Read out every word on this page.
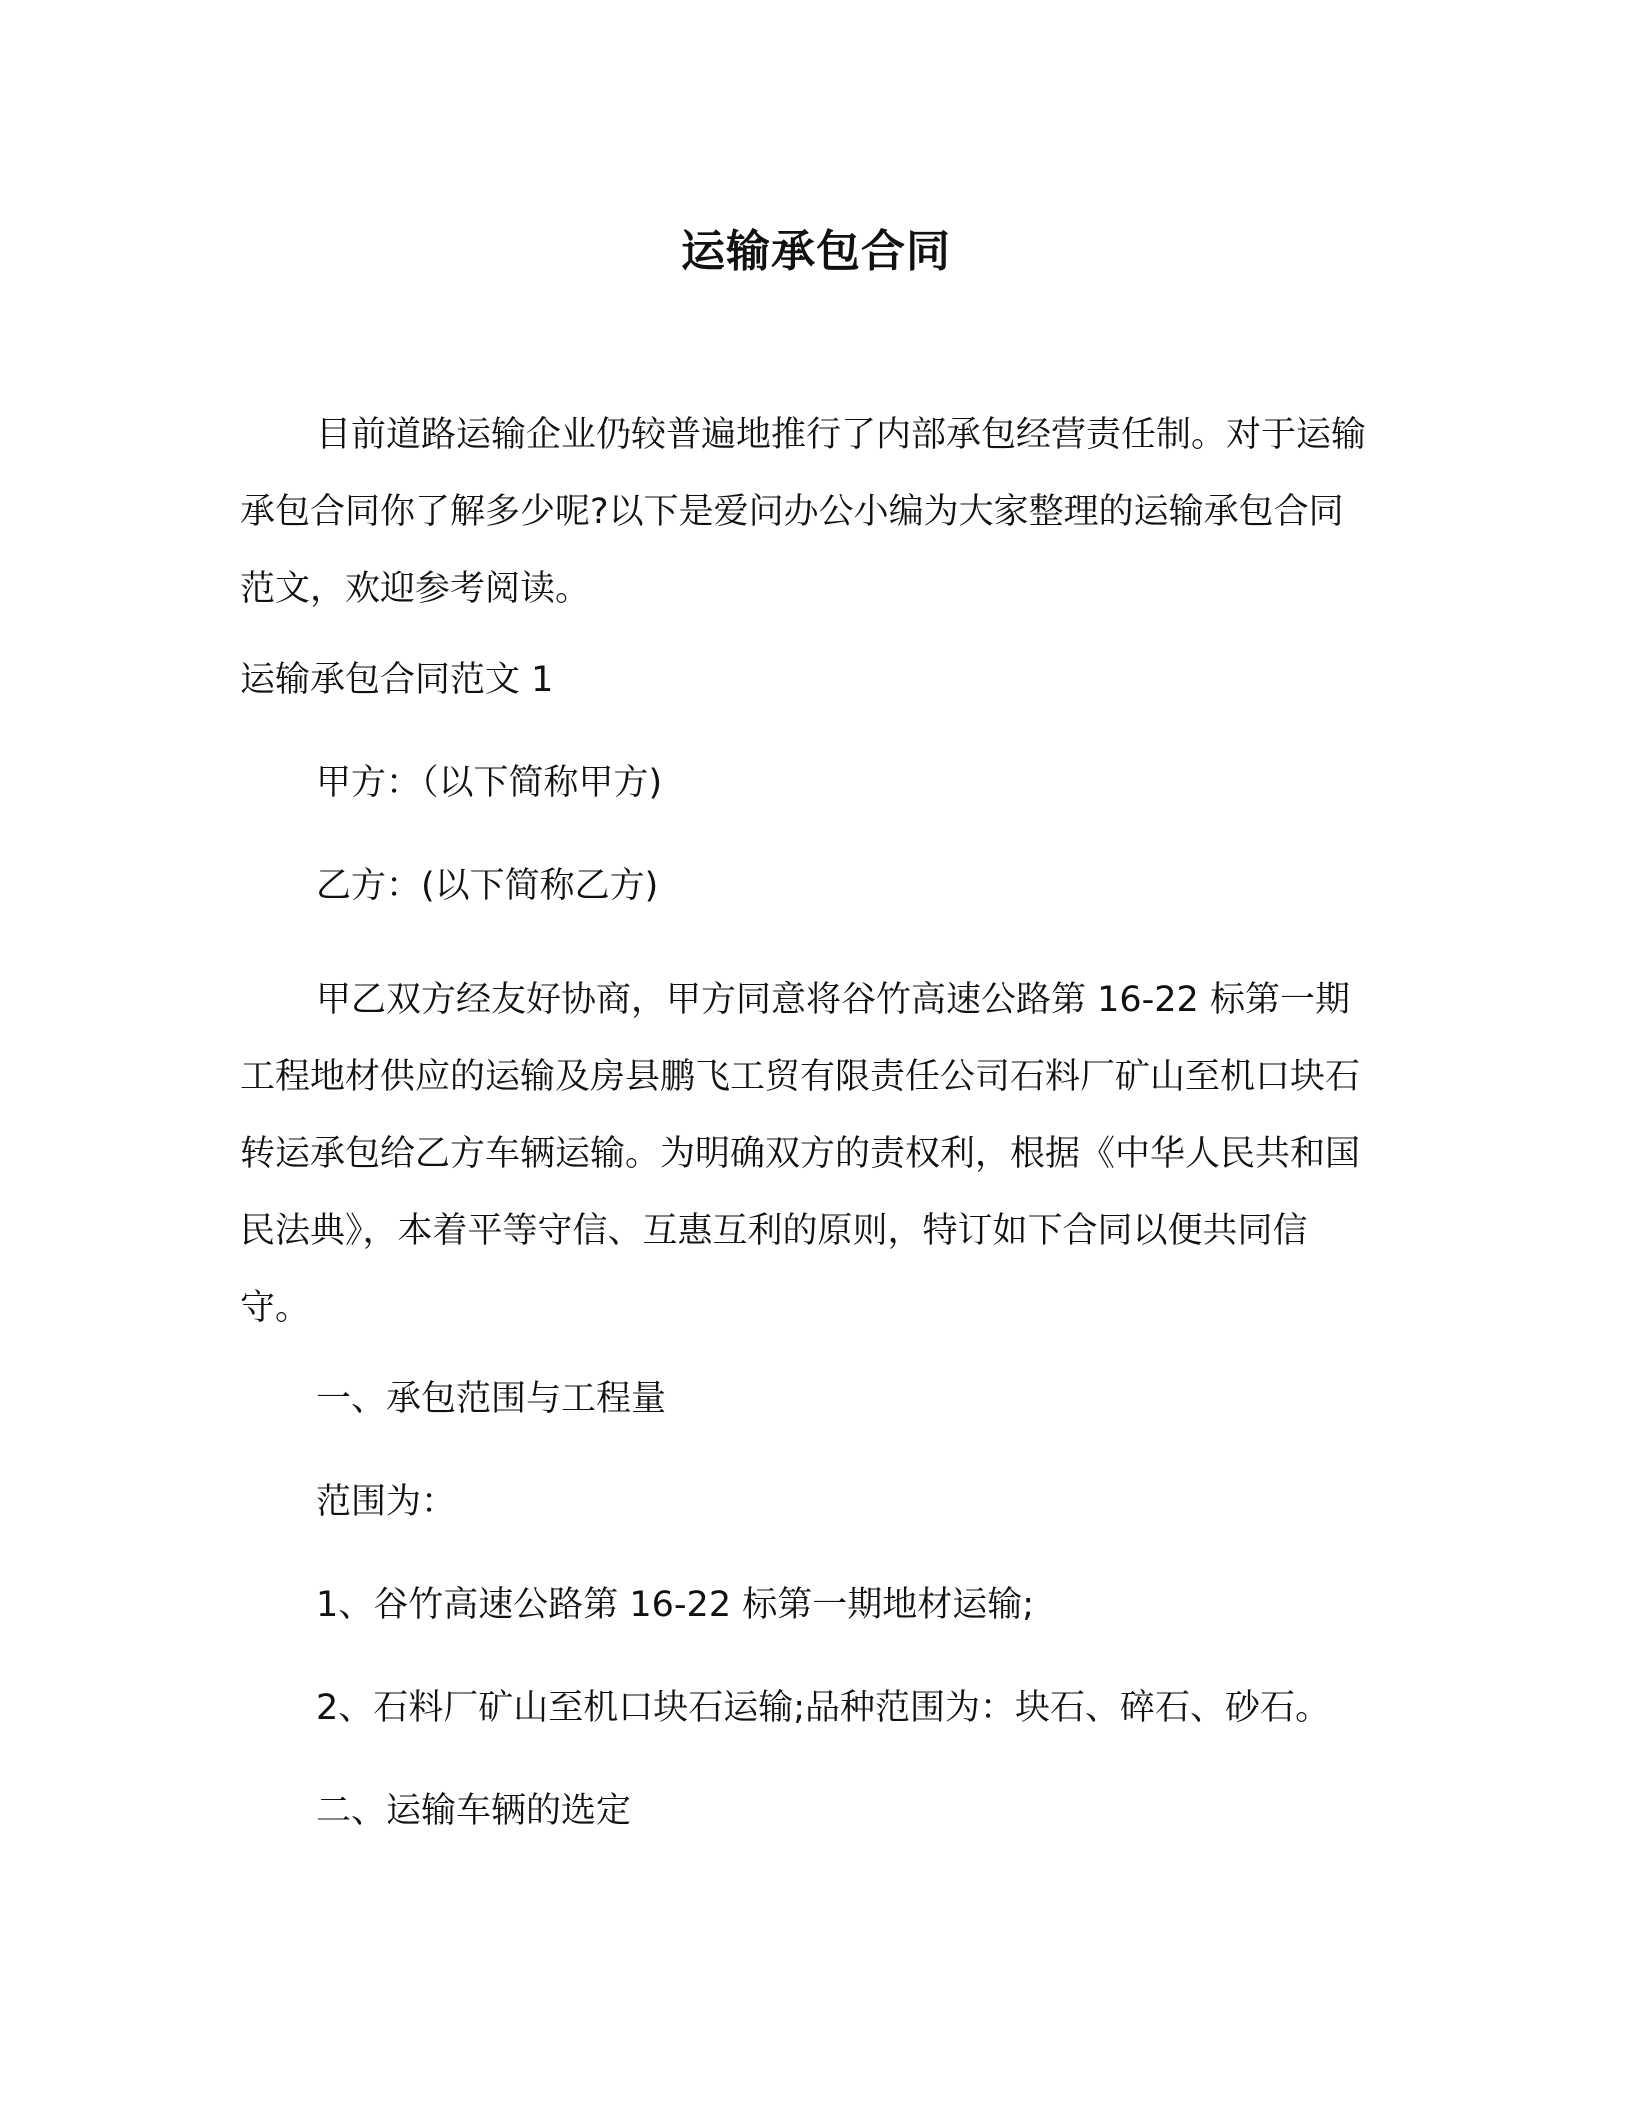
运输承包合同

目前道路运输企业仍较普遍地推行了内部承包经营责任制。对于运输承包合同你了解多少呢?以下是爱问办公小编为大家整理的运输承包合同范文，欢迎参考阅读。

运输承包合同范文 1

甲方：（以下简称甲方)

乙方：(以下简称乙方)

甲乙双方经友好协商，甲方同意将谷竹高速公路第 16-22 标第一期工程地材供应的运输及房县鹏飞工贸有限责任公司石料厂矿山至机口块石转运承包给乙方车辆运输。为明确双方的责权利，根据《中华人民共和国民法典》，本着平等守信、互惠互利的原则，特订如下合同以便共同信守。

一、承包范围与工程量

范围为：

1、谷竹高速公路第 16-22 标第一期地材运输;

2、石料厂矿山至机口块石运输;品种范围为：块石、碎石、砂石。

二、运输车辆的选定
